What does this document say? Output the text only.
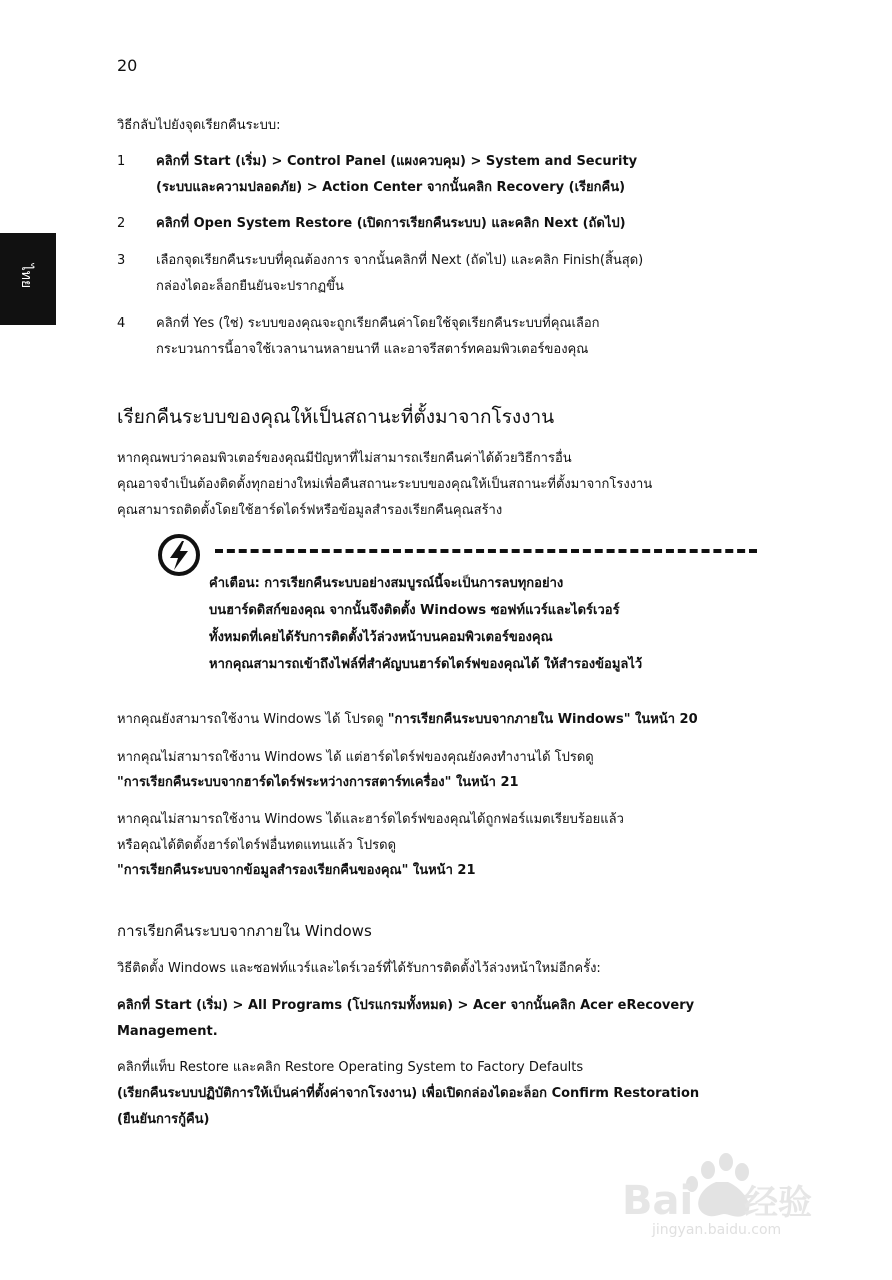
20
ไทย
วิธีกลับไปยังจุดเรียกคืนระบบ:
1 คลิกที่ Start (เริ่ม) > Control Panel (แผงควบคุม) > System and Security
(ระบบและความปลอดภัย) > Action Center จากนั้นคลิก Recovery (เรียกคืน)
2 คลิกที่ Open System Restore (เปิดการเรียกคืนระบบ) และคลิก Next (ถัดไป)
3 เลือกจุดเรียกคืนระบบที่คุณต้องการ จากนั้นคลิกที่ Next (ถัดไป) และคลิก Finish(สิ้นสุด)
กล่องไดอะล็อกยืนยันจะปรากฏขึ้น
4 คลิกที่ Yes (ใช่) ระบบของคุณจะถูกเรียกคืนค่าโดยใช้จุดเรียกคืนระบบที่คุณเลือก
กระบวนการนี้อาจใช้เวลานานหลายนาที และอาจรีสตาร์ทคอมพิวเตอร์ของคุณ
เรียกคืนระบบของคุณให้เป็นสถานะที่ตั้งมาจากโรงงาน
หากคุณพบว่าคอมพิวเตอร์ของคุณมีปัญหาที่ไม่สามารถเรียกคืนค่าได้ด้วยวิธีการอื่น
คุณอาจจำเป็นต้องติดตั้งทุกอย่างใหม่เพื่อคืนสถานะระบบของคุณให้เป็นสถานะที่ตั้งมาจากโรงงาน
คุณสามารถติดตั้งโดยใช้ฮาร์ดไดร์ฟหรือข้อมูลสำรองเรียกคืนคุณสร้าง
คำเตือน: การเรียกคืนระบบอย่างสมบูรณ์นี้จะเป็นการลบทุกอย่าง
บนฮาร์ดดิสก์ของคุณ จากนั้นจึงติดตั้ง Windows ซอฟท์แวร์และไดร์เวอร์
ทั้งหมดที่เคยได้รับการติดตั้งไว้ล่วงหน้าบนคอมพิวเตอร์ของคุณ
หากคุณสามารถเข้าถึงไฟล์ที่สำคัญบนฮาร์ดไดร์ฟของคุณได้ ให้สำรองข้อมูลไว้
หากคุณยังสามารถใช้งาน Windows ได้ โปรดดู "การเรียกคืนระบบจากภายใน Windows" ในหน้า 20
หากคุณไม่สามารถใช้งาน Windows ได้ แต่ฮาร์ดไดร์ฟของคุณยังคงทำงานได้ โปรดดู
"การเรียกคืนระบบจากฮาร์ดไดร์ฟระหว่างการสตาร์ทเครื่อง" ในหน้า 21
หากคุณไม่สามารถใช้งาน Windows ได้และฮาร์ดไดร์ฟของคุณได้ถูกฟอร์แมตเรียบร้อยแล้ว
หรือคุณได้ติดตั้งฮาร์ดไดร์ฟอื่นทดแทนแล้ว โปรดดู
"การเรียกคืนระบบจากข้อมูลสำรองเรียกคืนของคุณ" ในหน้า 21
การเรียกคืนระบบจากภายใน Windows
วิธีติดตั้ง Windows และซอฟท์แวร์และไดร์เวอร์ที่ได้รับการติดตั้งไว้ล่วงหน้าใหม่อีกครั้ง:
คลิกที่ Start (เริ่ม) > All Programs (โปรแกรมทั้งหมด) > Acer จากนั้นคลิก Acer eRecovery
Management.
คลิกที่แท็บ Restore และคลิก Restore Operating System to Factory Defaults
(เรียกคืนระบบปฏิบัติการให้เป็นค่าที่ตั้งค่าจากโรงงาน) เพื่อเปิดกล่องไดอะล็อก Confirm Restoration
(ยืนยันการกู้คืน)
Bai 经验
jingyan.baidu.com
